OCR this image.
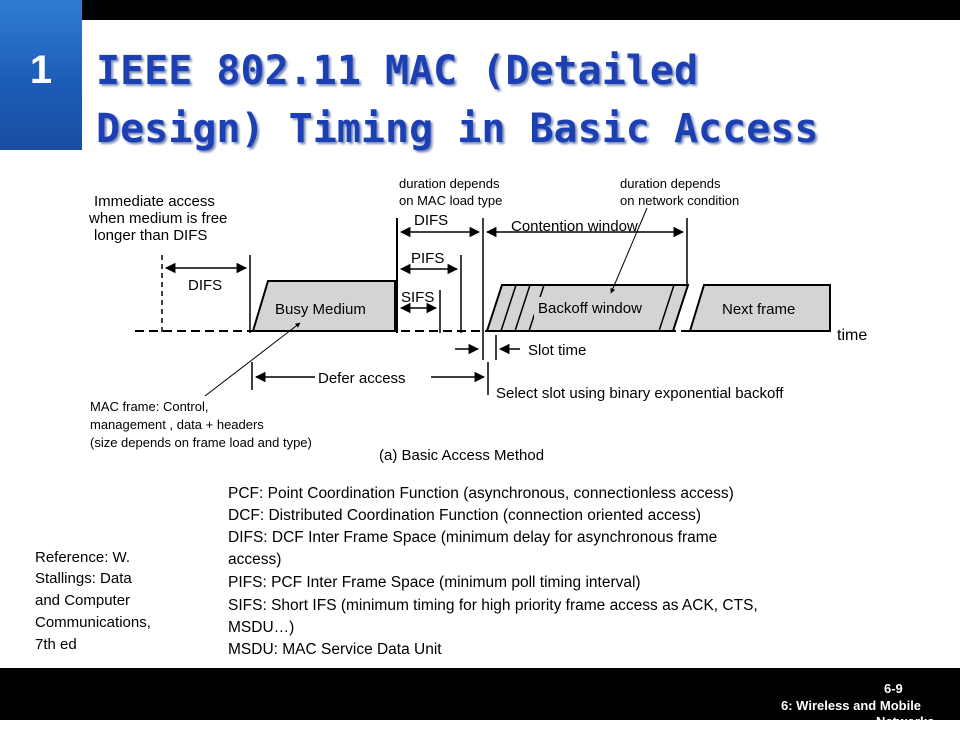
1	IEEE 802.11 MAC (Detailed
Design) Timing in Basic Access
Immediate access
when medium is free
longer than DIFS
DIFS
Busy Medium
DIFS	Contention window
PIFS
SIFS
Backoff window	Next frame
time
Slot time
Defer access
Select slot using binary exponential backoff
(a) Basic Access Method
duration depends
on MAC load type
duration depends
on network condition
MAC frame: Control,
management , data + headers
(size depends on frame load and type)
PCF: Point Coordination Function (asynchronous, connectionless access)
DCF: Distributed Coordination Function (connection oriented access)
DIFS: DCF Inter Frame Space (minimum delay for asynchronous frame
access)
PIFS: PCF Inter Frame Space (minimum poll timing interval)
SIFS: Short IFS (minimum timing for high priority frame access as ACK, CTS,
MSDU…)
MSDU: MAC Service Data Unit
Reference: W.
Stallings: Data
and Computer
Communications,
7th ed
6-9
6: Wireless and Mobile
Networks
